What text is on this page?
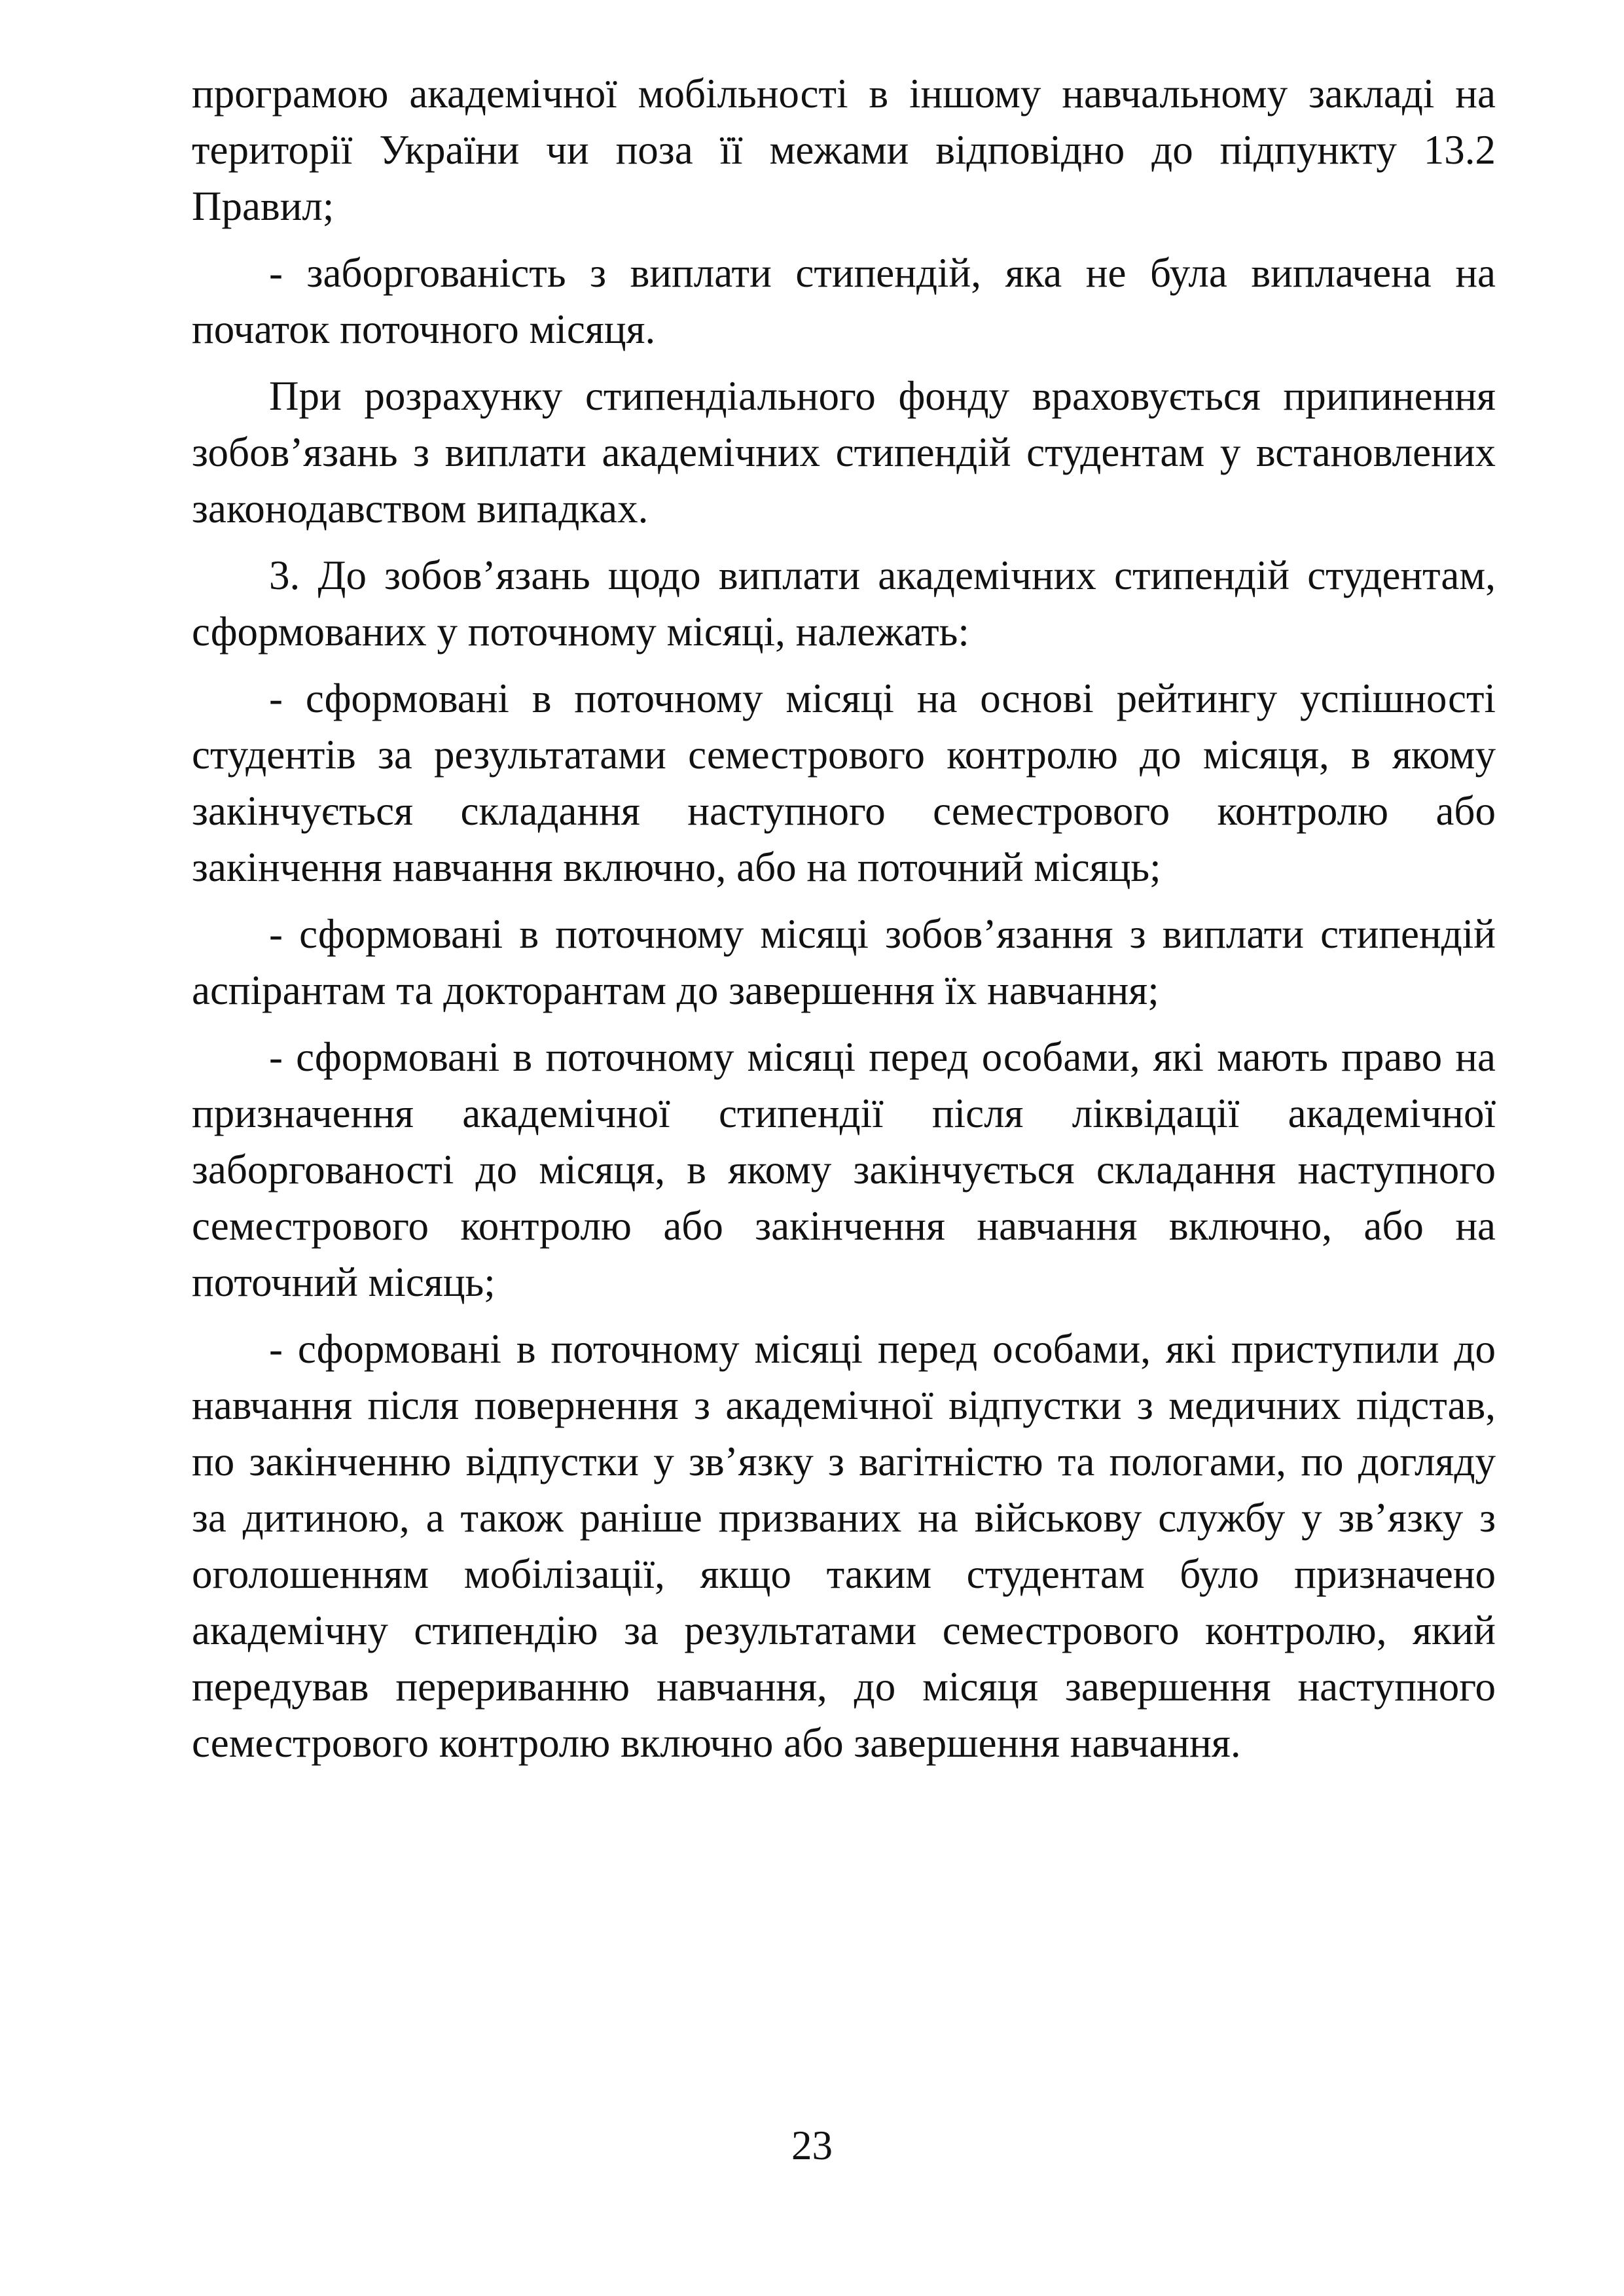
програмою академічної мобільності в іншому навчальному закладі на території України чи поза її межами відповідно до підпункту 13.2 Правил;

- заборгованість з виплати стипендій, яка не була виплачена на початок поточного місяця.

При розрахунку стипендіального фонду враховується припинення зобов’язань з виплати академічних стипендій студентам у встановлених законодавством випадках.

3. До зобов’язань щодо виплати академічних стипендій студентам, сформованих у поточному місяці, належать:

- сформовані в поточному місяці на основі рейтингу успішності студентів за результатами семестрового контролю до місяця, в якому закінчується складання наступного семестрового контролю або закінчення навчання включно, або на поточний місяць;

- сформовані в поточному місяці зобов’язання з виплати стипендій аспірантам та докторантам до завершення їх навчання;

- сформовані в поточному місяці перед особами, які мають право на призначення академічної стипендії після ліквідації академічної заборгованості до місяця, в якому закінчується складання наступного семестрового контролю або закінчення навчання включно, або на поточний місяць;

- сформовані в поточному місяці перед особами, які приступили до навчання після повернення з академічної відпустки з медичних підстав, по закінченню відпустки у зв’язку з вагітністю та пологами, по догляду за дитиною, а також раніше призваних на військову службу у зв’язку з оголошенням мобілізації, якщо таким студентам було призначено академічну стипендію за результатами семестрового контролю, який передував перериванню навчання, до місяця завершення наступного семестрового контролю включно або завершення навчання.

23
